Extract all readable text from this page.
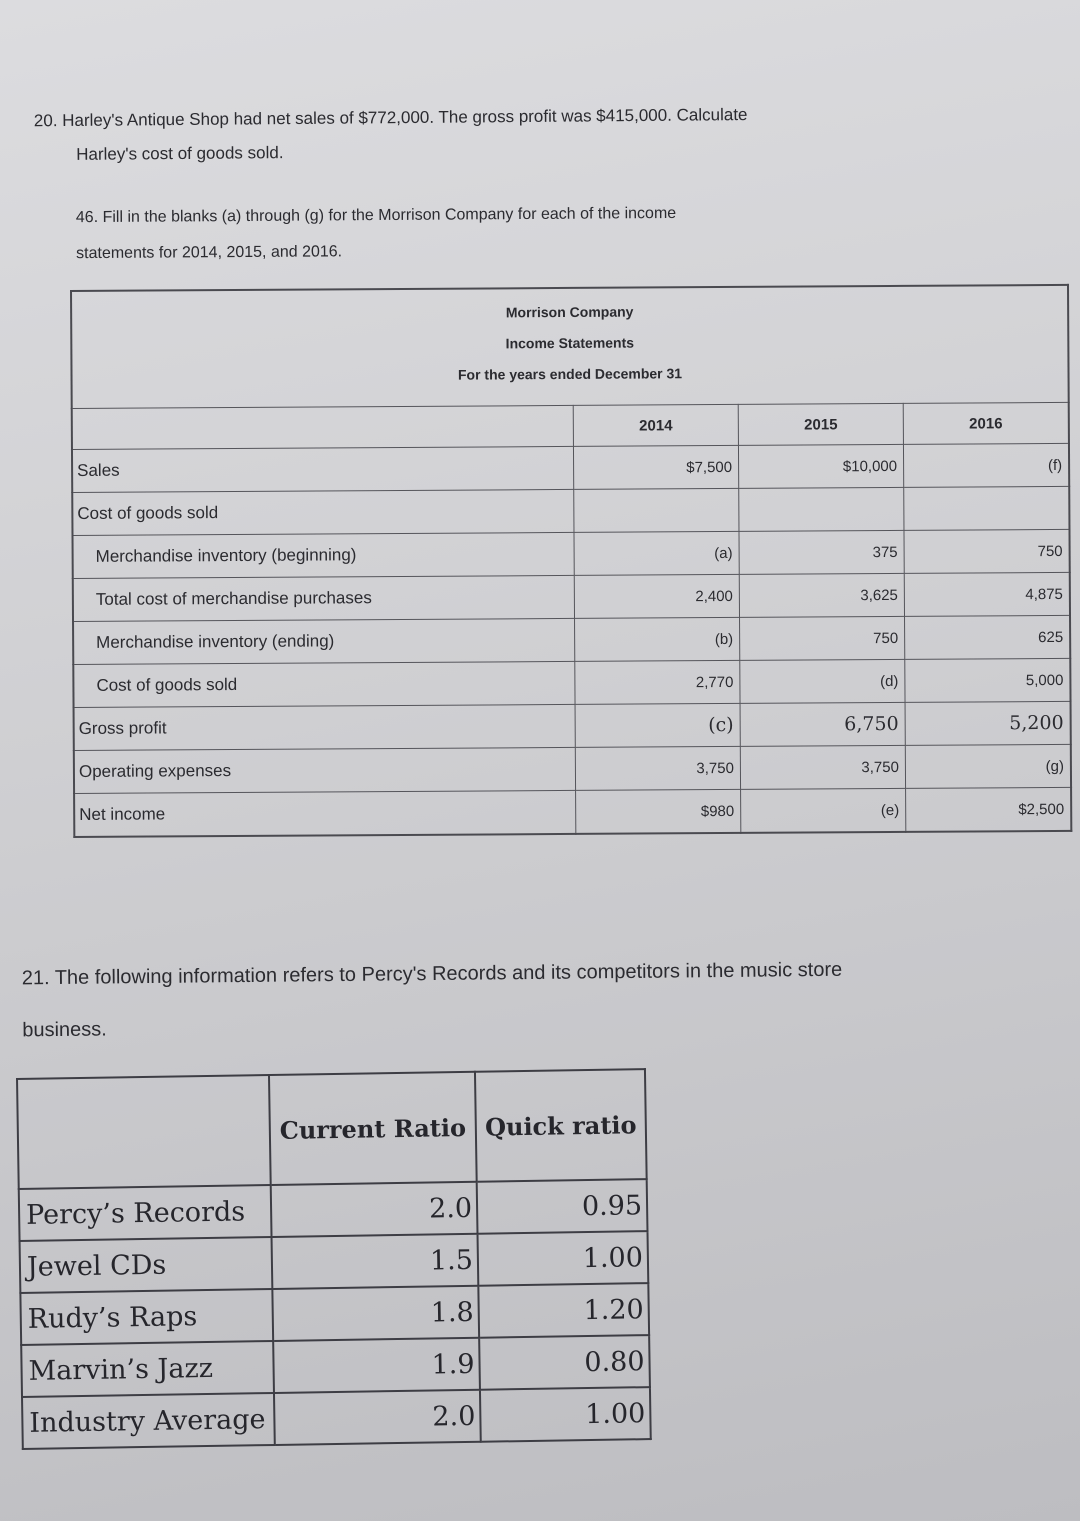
20. Harley's Antique Shop had net sales of $772,000. The gross profit was $415,000. Calculate
Harley's cost of goods sold.
46. Fill in the blanks (a) through (g) for the Morrison Company for each of the income
statements for 2014, 2015, and 2016.
Morrison Company
Income Statements
For the years ended December 31			

	2014	2015	2016
Sales	$7,500	$10,000	(f)
Cost of goods sold			
Merchandise inventory (beginning)	(a)	375	750
Total cost of merchandise purchases	2,400	3,625	4,875
Merchandise inventory (ending)	(b)	750	625
Cost of goods sold	2,770	(d)	5,000
Gross profit	(c)	6,750	5,200
Operating expenses	3,750	3,750	(g)
Net income	$980	(e)	$2,500
21. The following information refers to Percy's Records and its competitors in the music store
business.
	Current Ratio	Quick ratio
Percy’s Records	2.0	0.95
Jewel CDs	1.5	1.00
Rudy’s Raps	1.8	1.20
Marvin’s Jazz	1.9	0.80
Industry Average	2.0	1.00
